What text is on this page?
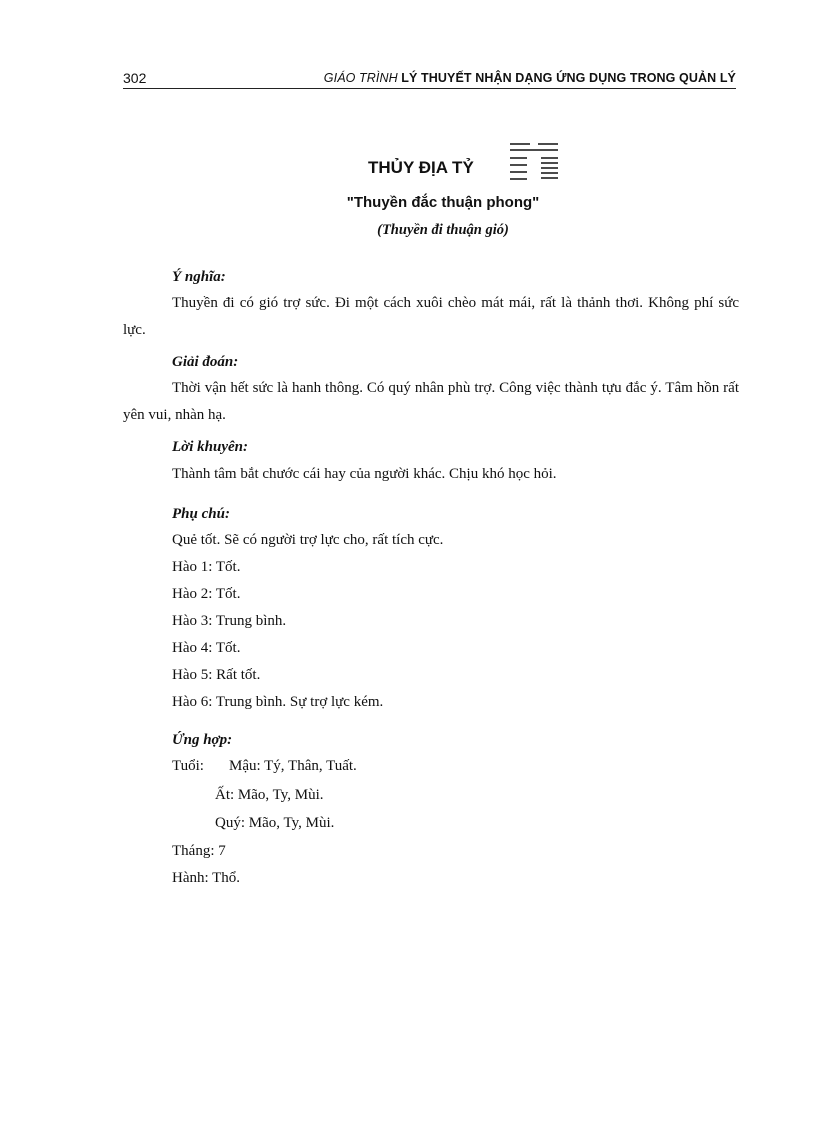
302	GIÁO TRÌNH LÝ THUYẾT NHẬN DẠNG ỨNG DỤNG TRONG QUẢN LÝ
THỦY ĐỊA TỶ
"Thuyền đắc thuận phong"
(Thuyền đi thuận gió)
Ý nghĩa:
Thuyền đi có gió trợ sức. Đi một cách xuôi chèo mát mái, rất là thảnh thơi. Không phí sức lực.
Giải đoán:
Thời vận hết sức là hanh thông. Có quý nhân phù trợ. Công việc thành tựu đắc ý. Tâm hồn rất yên vui, nhàn hạ.
Lời khuyên:
Thành tâm bắt chước cái hay của người khác. Chịu khó học hỏi.
Phụ chú:
Quẻ tốt. Sẽ có người trợ lực cho, rất tích cực.
Hào 1: Tốt.
Hào 2: Tốt.
Hào 3: Trung bình.
Hào 4: Tốt.
Hào 5: Rất tốt.
Hào 6: Trung bình. Sự trợ lực kém.
Ứng hợp:
Tuổi: Mậu: Tý, Thân, Tuất.
Ất: Mão, Ty, Mùi.
Quý: Mão, Ty, Mùi.
Tháng: 7
Hành: Thổ.
